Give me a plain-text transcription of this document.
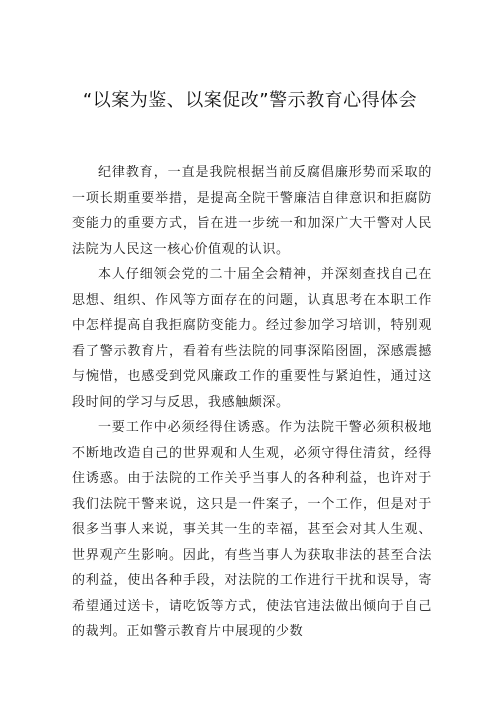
“以案为鉴、以案促改”警示教育心得体会

纪律教育，一直是我院根据当前反腐倡廉形势而采取的一项长期重要举措，是提高全院干警廉洁自律意识和拒腐防变能力的重要方式，旨在进一步统一和加深广大干警对人民法院为人民这一核心价值观的认识。

本人仔细领会党的二十届全会精神，并深刻查找自己在思想、组织、作风等方面存在的问题，认真思考在本职工作中怎样提高自我拒腐防变能力。经过参加学习培训，特别观看了警示教育片，看着有些法院的同事深陷囹圄，深感震撼与惋惜，也感受到党风廉政工作的重要性与紧迫性，通过这段时间的学习与反思，我感触颇深。

一要工作中必须经得住诱惑。作为法院干警必须积极地不断地改造自己的世界观和人生观，必须守得住清贫，经得住诱惑。由于法院的工作关乎当事人的各种利益，也许对于我们法院干警来说，这只是一件案子，一个工作，但是对于很多当事人来说，事关其一生的幸福，甚至会对其人生观、世界观产生影响。因此，有些当事人为获取非法的甚至合法的利益，使出各种手段，对法院的工作进行干扰和误导，寄希望通过送卡，请吃饭等方式，使法官违法做出倾向于自己的裁判。正如警示教育片中展现的少数
